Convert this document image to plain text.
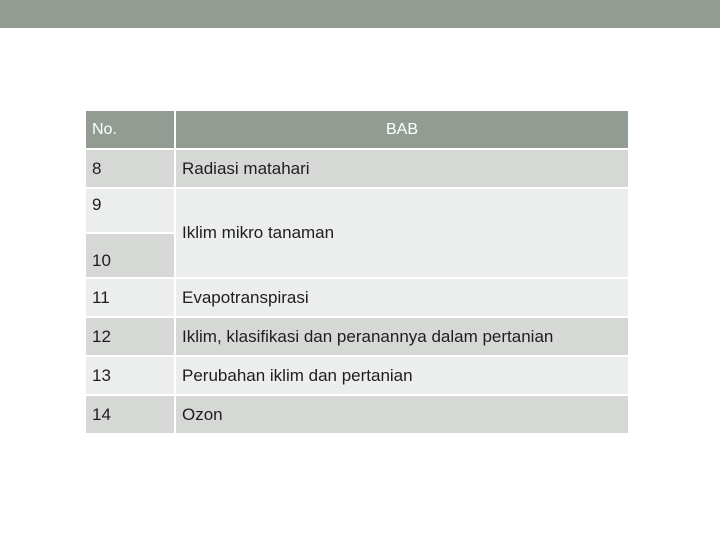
No.	BAB
8	Radiasi matahari
9	Iklim mikro tanaman
10	
11	Evapotranspirasi
12	Iklim, klasifikasi dan peranannya dalam pertanian
13	Perubahan iklim dan pertanian
14	Ozon
